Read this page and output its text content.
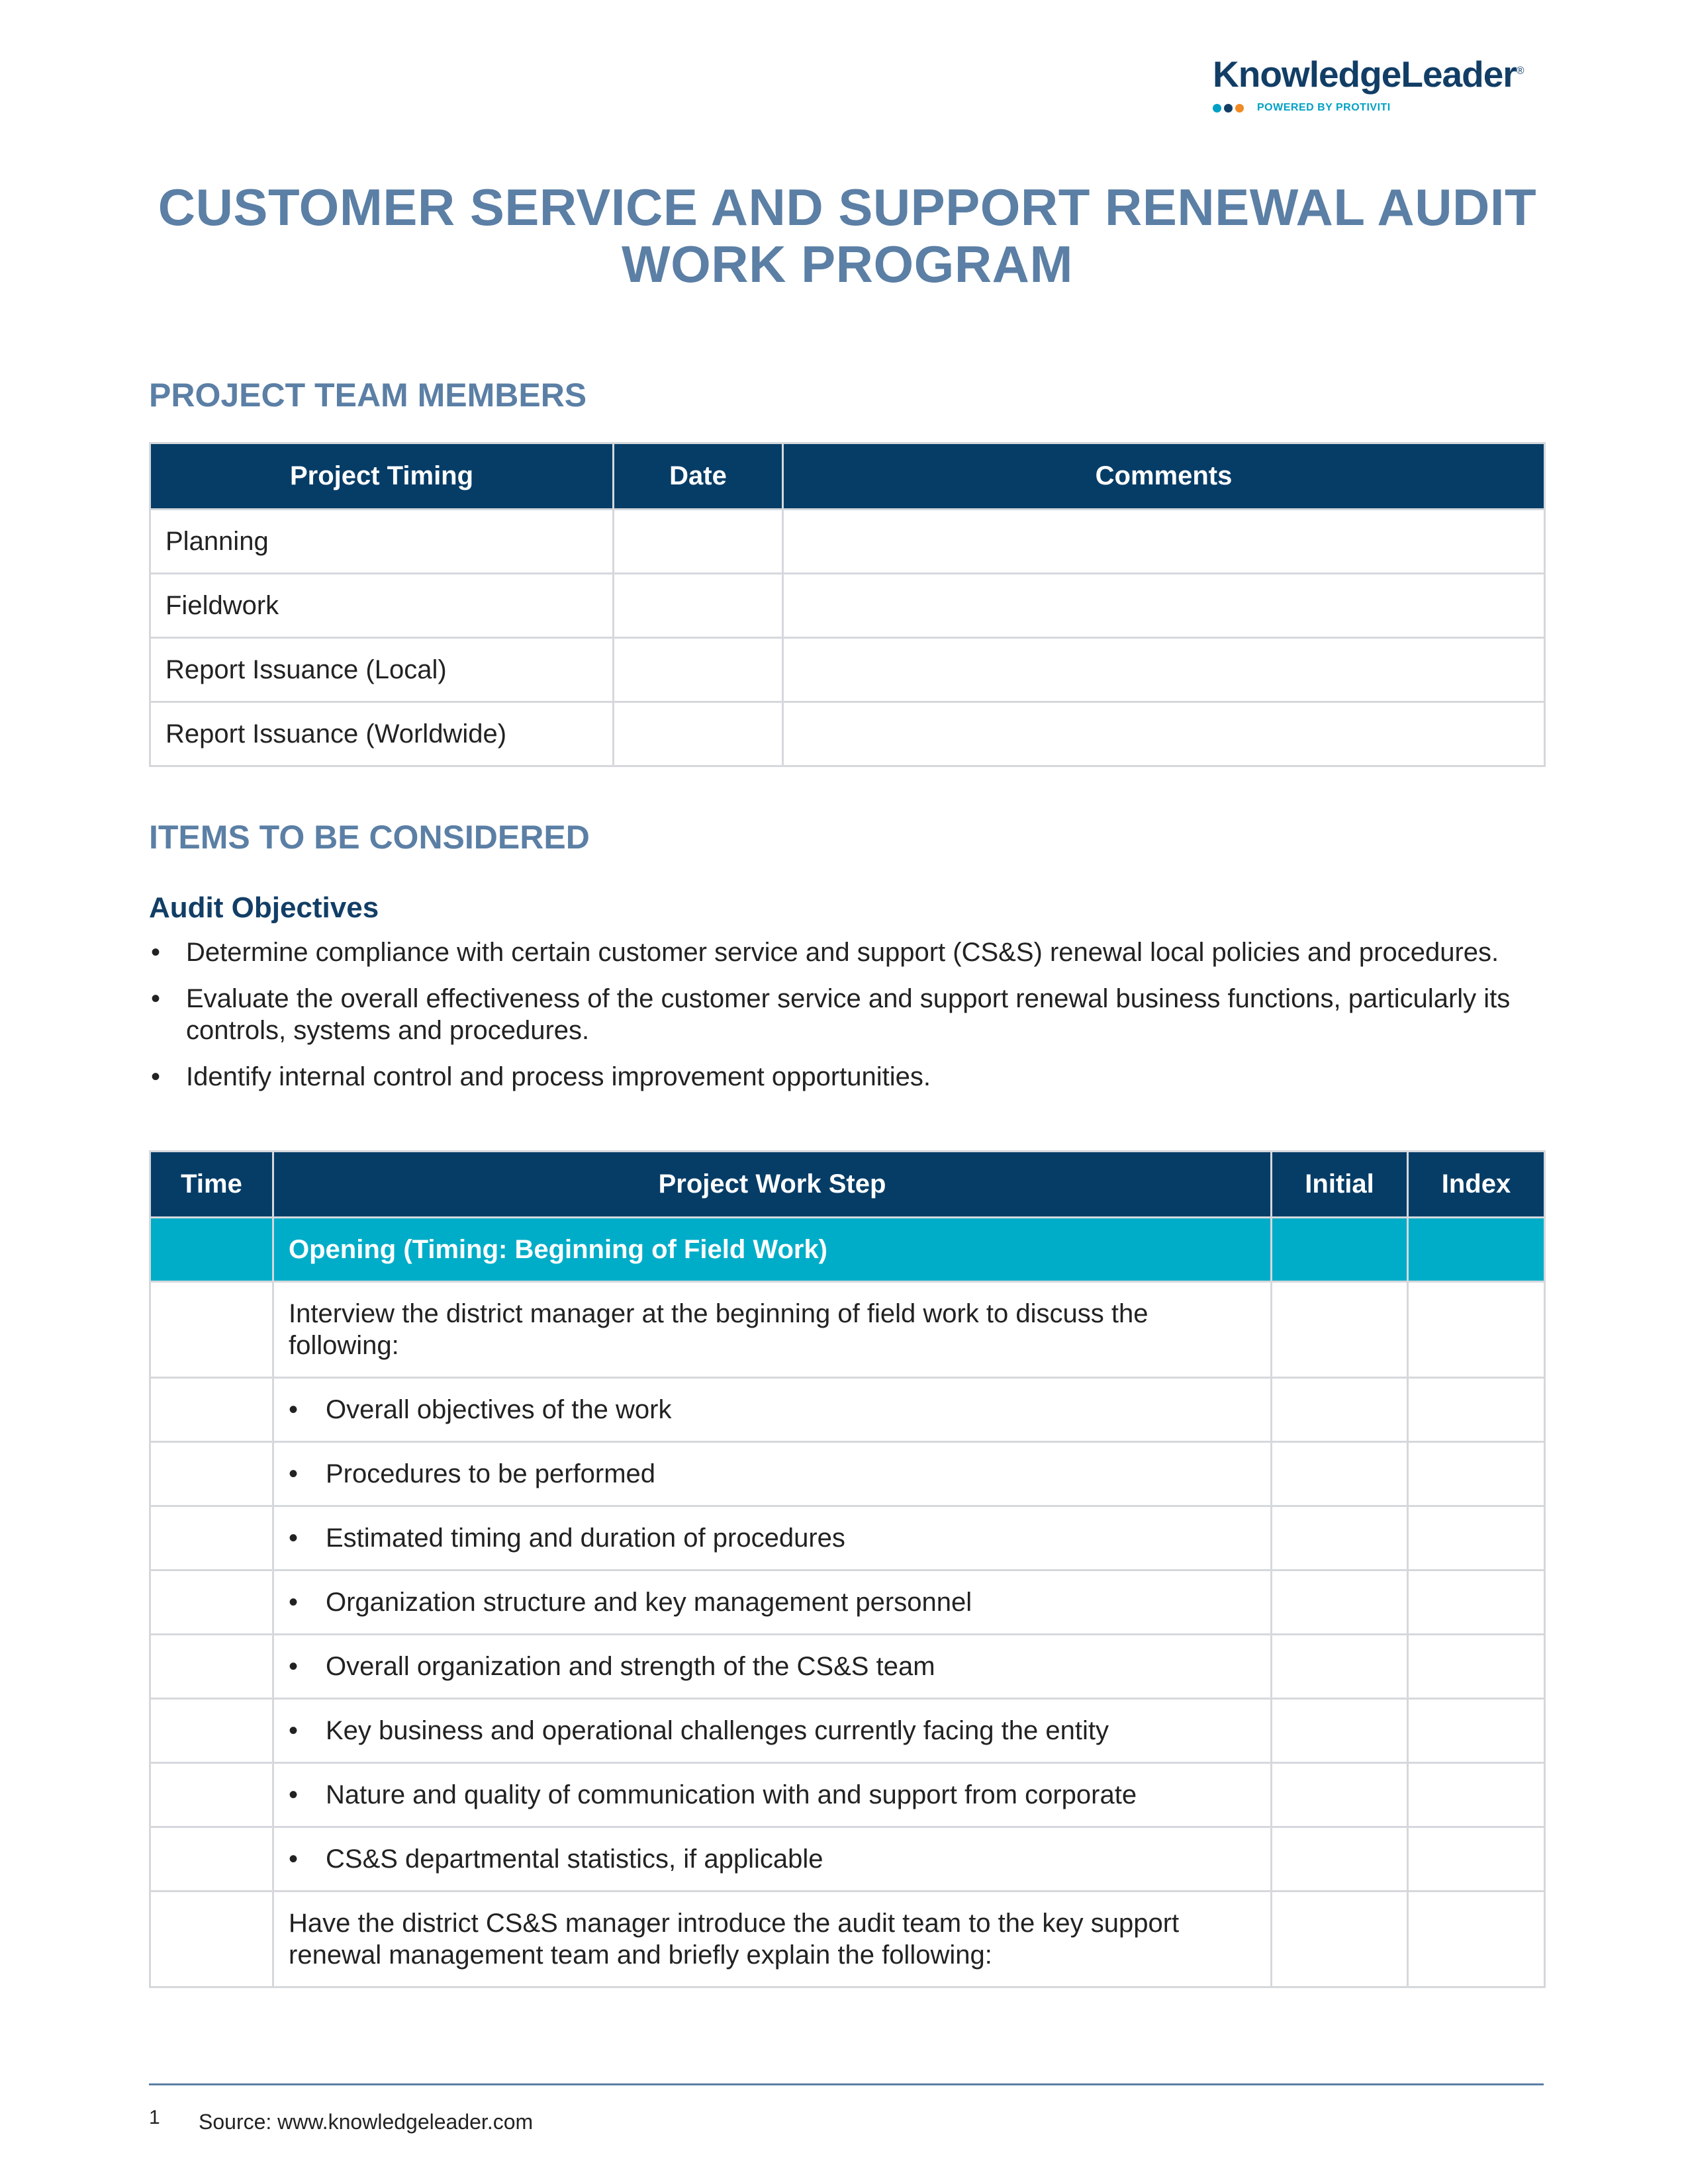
KnowledgeLeader®
POWERED BY PROTIVITI
CUSTOMER SERVICE AND SUPPORT RENEWAL AUDIT
WORK PROGRAM
PROJECT TEAM MEMBERS
Project Timing	Date	Comments
Planning		
Fieldwork		
Report Issuance (Local)		
Report Issuance (Worldwide)		
ITEMS TO BE CONSIDERED
Audit Objectives
• Determine compliance with certain customer service and support (CS&S) renewal local policies and procedures.
• Evaluate the overall effectiveness of the customer service and support renewal business functions, particularly its controls, systems and procedures.
• Identify internal control and process improvement opportunities.
Time	Project Work Step	Initial	Index
	Opening (Timing: Beginning of Field Work)		
	Interview the district manager at the beginning of field work to discuss the following:		
	• Overall objectives of the work		
	• Procedures to be performed		
	• Estimated timing and duration of procedures		
	• Organization structure and key management personnel		
	• Overall organization and strength of the CS&S team		
	• Key business and operational challenges currently facing the entity		
	• Nature and quality of communication with and support from corporate		
	• CS&S departmental statistics, if applicable		
	Have the district CS&S manager introduce the audit team to the key support renewal management team and briefly explain the following:		
1 Source: www.knowledgeleader.com
